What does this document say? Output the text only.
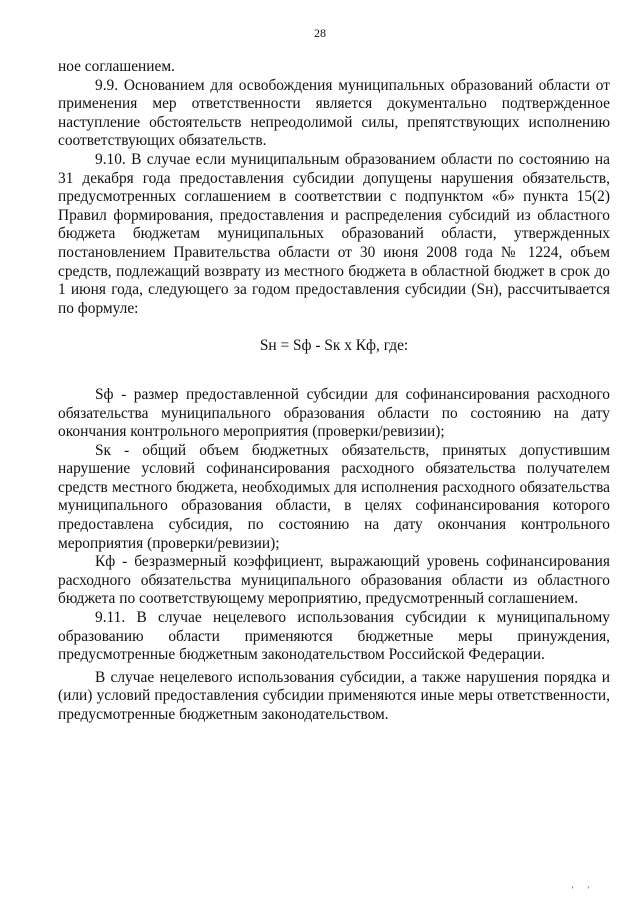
28

ное соглашением.

9.9. Основанием для освобождения муниципальных образований области от применения мер ответственности является документально подтвержденное наступление обстоятельств непреодолимой силы, препятствующих исполнению соответствующих обязательств.

9.10. В случае если муниципальным образованием области по состоянию на 31 декабря года предоставления субсидии допущены нарушения обязательств, предусмотренных соглашением в соответствии с подпунктом «б» пункта 15(2) Правил формирования, предоставления и распределения субсидий из областного бюджета бюджетам муниципальных образований области, утвержденных постановлением Правительства области от 30 июня 2008 года № 1224, объем средств, подлежащий возврату из местного бюджета в областной бюджет в срок до 1 июня года, следующего за годом предоставления субсидии (Sн), рассчитывается по формуле:

Sн = Sф - Sк x Кф, где:

Sф - размер предоставленной субсидии для софинансирования расходного обязательства муниципального образования области по состоянию на дату окончания контрольного мероприятия (проверки/ревизии);

Sк - общий объем бюджетных обязательств, принятых допустившим нарушение условий софинансирования расходного обязательства получателем средств местного бюджета, необходимых для исполнения расходного обязательства муниципального образования области, в целях софинансирования которого предоставлена субсидия, по состоянию на дату окончания контрольного мероприятия (проверки/ревизии);

Кф - безразмерный коэффициент, выражающий уровень софинансирования расходного обязательства муниципального образования области из областного бюджета по соответствующему мероприятию, предусмотренный соглашением.

9.11. В случае нецелевого использования субсидии к муниципальному образованию области применяются бюджетные меры принуждения, предусмотренные бюджетным законодательством Российской Федерации.

В случае нецелевого использования субсидии, а также нарушения порядка и (или) условий предоставления субсидии применяются иные меры ответственности, предусмотренные бюджетным законодательством.

' '
